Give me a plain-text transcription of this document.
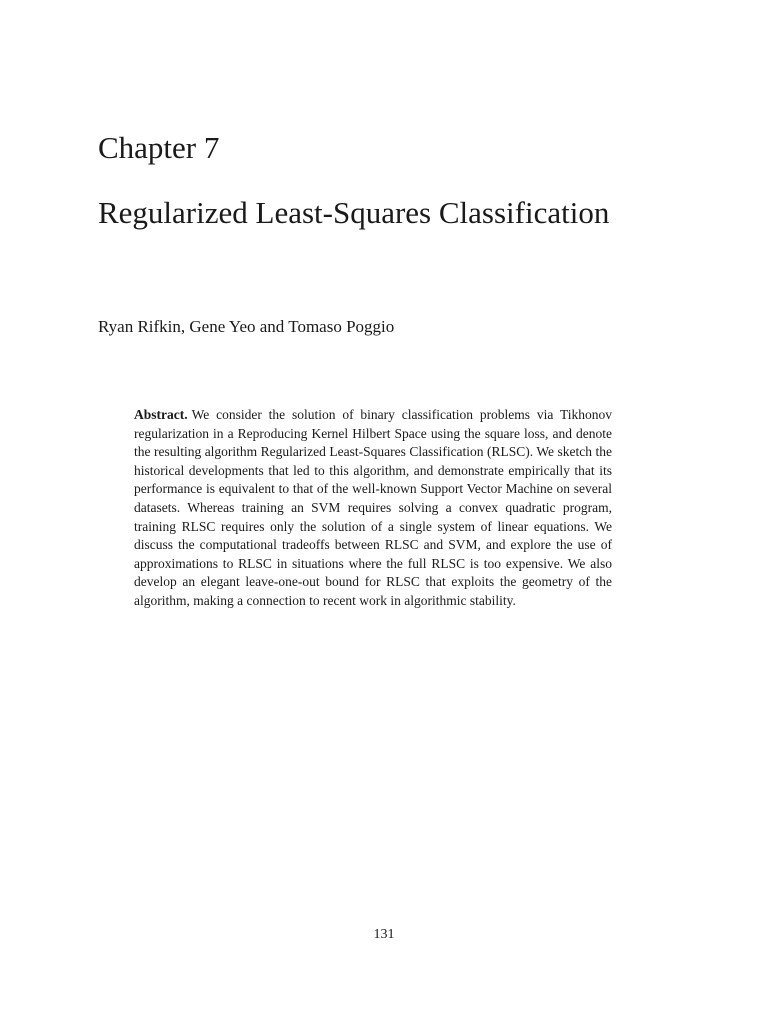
Chapter 7
Regularized Least-Squares Classification
Ryan Rifkin, Gene Yeo and Tomaso Poggio

Abstract. We consider the solution of binary classification problems via Tikhonov regularization in a Reproducing Kernel Hilbert Space using the square loss, and denote the resulting algorithm Regularized Least-Squares Classification (RLSC). We sketch the historical developments that led to this algorithm, and demonstrate empirically that its performance is equivalent to that of the well-known Support Vector Machine on several datasets. Whereas training an SVM requires solving a convex quadratic program, training RLSC requires only the solution of a single system of linear equations. We discuss the computational tradeoffs between RLSC and SVM, and explore the use of approximations to RLSC in situations where the full RLSC is too expensive. We also develop an elegant leave-one-out bound for RLSC that exploits the geometry of the algorithm, making a connection to recent work in algorithmic stability.

131
